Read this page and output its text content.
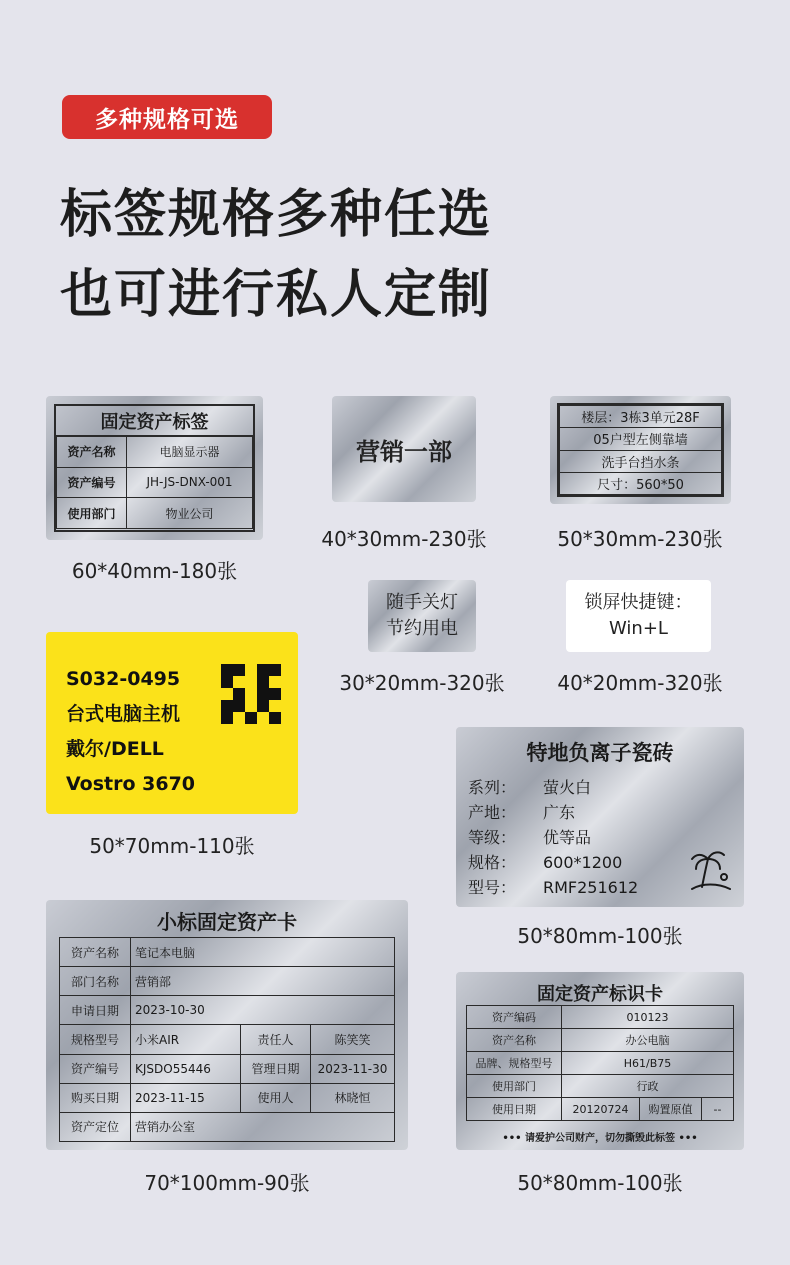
多种规格可选
标签规格多种任选
也可进行私人定制
固定资产标签
资产名称	电脑显示器
资产编号	JH-JS-DNX-001
使用部门	物业公司
60*40mm-180张
营销一部
40*30mm-230张
楼层：3栋3单元28F
05户型左侧靠墙
洗手台挡水条
尺寸：560*50
50*30mm-230张
随手关灯
节约用电
30*20mm-320张
锁屏快捷键：
Win+L
40*20mm-320张
S032-0495
台式电脑主机
戴尔/DELL
Vostro 3670
50*70mm-110张
特地负离子瓷砖
系列： 萤火白
产地： 广东
等级： 优等品
规格： 600*1200
型号： RMF251612
50*80mm-100张
小标固定资产卡
资产名称	笔记本电脑		
部门名称	营销部		
申请日期	2023-10-30		
规格型号	小米AIR	责任人	陈笑笑
资产编号	KJSDO55446	管理日期	2023-11-30
购买日期	2023-11-15	使用人	林晓恒
资产定位	营销办公室		
70*100mm-90张
固定资产标识卡
资产编码	010123		
资产名称	办公电脑		
品牌、规格型号	H61/B75		
使用部门	行政		
使用日期	20120724	购置原值	--
••• 请爱护公司财产，切勿撕毁此标签 •••
50*80mm-100张
